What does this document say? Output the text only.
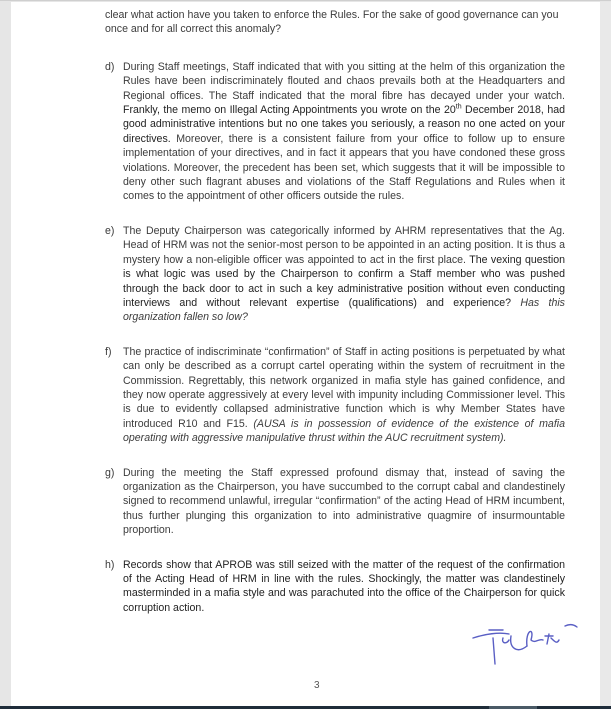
clear what action have you taken to enforce the Rules. For the sake of good governance can you once and for all correct this anomaly?

d) During Staff meetings, Staff indicated that with you sitting at the helm of this organization the Rules have been indiscriminately flouted and chaos prevails both at the Headquarters and Regional offices. The Staff indicated that the moral fibre has decayed under your watch. Frankly, the memo on Illegal Acting Appointments you wrote on the 20th December 2018, had good administrative intentions but no one takes you seriously, a reason no one acted on your directives. Moreover, there is a consistent failure from your office to follow up to ensure implementation of your directives, and in fact it appears that you have condoned these gross violations. Moreover, the precedent has been set, which suggests that it will be impossible to deny other such flagrant abuses and violations of the Staff Regulations and Rules when it comes to the appointment of other officers outside the rules.

e) The Deputy Chairperson was categorically informed by AHRM representatives that the Ag. Head of HRM was not the senior-most person to be appointed in an acting position. It is thus a mystery how a non-eligible officer was appointed to act in the first place. The vexing question is what logic was used by the Chairperson to confirm a Staff member who was pushed through the back door to act in such a key administrative position without even conducting interviews and without relevant expertise (qualifications) and experience? Has this organization fallen so low?

f) The practice of indiscriminate “confirmation” of Staff in acting positions is perpetuated by what can only be described as a corrupt cartel operating within the system of recruitment in the Commission. Regrettably, this network organized in mafia style has gained confidence, and they now operate aggressively at every level with impunity including Commissioner level. This is due to evidently collapsed administrative function which is why Member States have introduced R10 and F15. (AUSA is in possession of evidence of the existence of mafia operating with aggressive manipulative thrust within the AUC recruitment system).

g) During the meeting the Staff expressed profound dismay that, instead of saving the organization as the Chairperson, you have succumbed to the corrupt cabal and clandestinely signed to recommend unlawful, irregular “confirmation” of the acting Head of HRM incumbent, thus further plunging this organization to into administrative quagmire of insurmountable proportion.

h) Records show that APROB was still seized with the matter of the request of the confirmation of the Acting Head of HRM in line with the rules. Shockingly, the matter was clandestinely masterminded in a mafia style and was parachuted into the office of the Chairperson for quick corruption action.

3
